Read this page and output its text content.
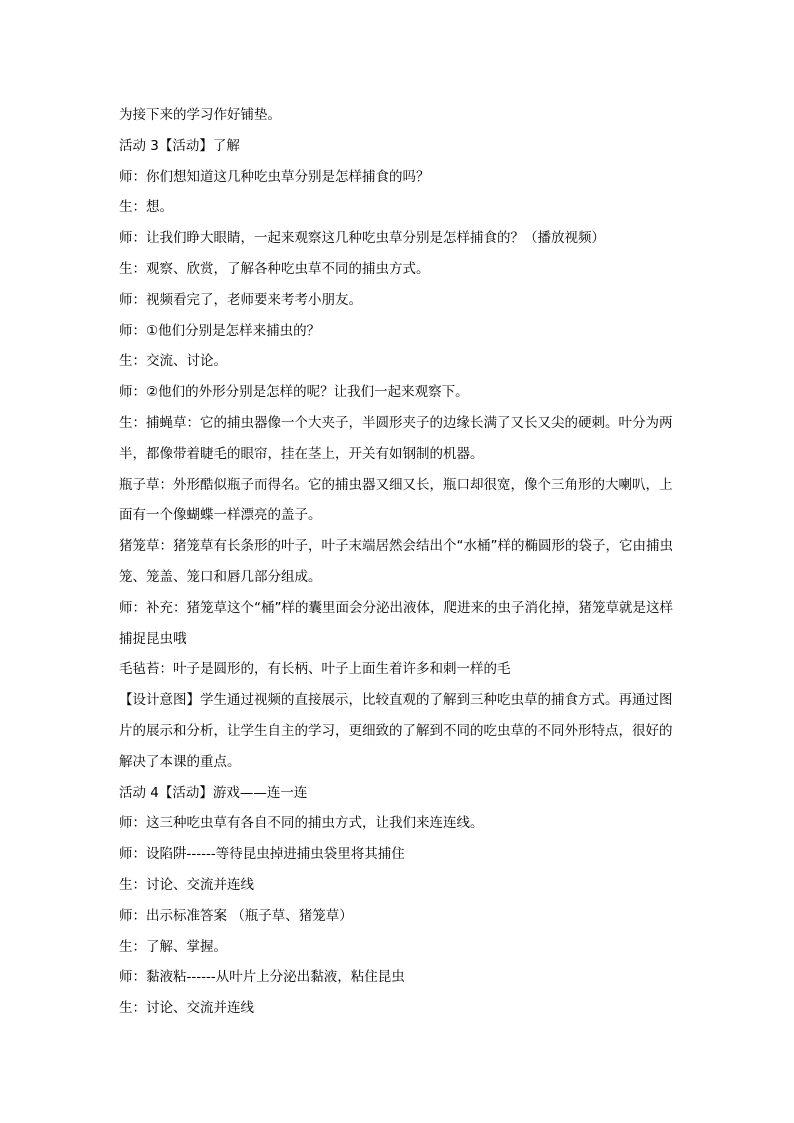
为接下来的学习作好铺垫。

活动 3【活动】了解

师：你们想知道这几种吃虫草分别是怎样捕食的吗？

生：想。

师：让我们睁大眼睛，一起来观察这几种吃虫草分别是怎样捕食的？（播放视频）

生：观察、欣赏，了解各种吃虫草不同的捕虫方式。

师：视频看完了，老师要来考考小朋友。

师：①他们分别是怎样来捕虫的？

生：交流、讨论。

师：②他们的外形分别是怎样的呢？让我们一起来观察下。

生：捕蝇草：它的捕虫器像一个大夹子，半圆形夹子的边缘长满了又长又尖的硬刺。叶分为两半，都像带着睫毛的眼帘，挂在茎上，开关有如钢制的机器。

瓶子草：外形酷似瓶子而得名。它的捕虫器又细又长，瓶口却很宽，像个三角形的大喇叭，上面有一个像蝴蝶一样漂亮的盖子。

猪笼草：猪笼草有长条形的叶子，叶子末端居然会结出个“水桶”样的椭圆形的袋子，它由捕虫笼、笼盖、笼口和唇几部分组成。

师：补充：猪笼草这个“桶”样的囊里面会分泌出液体，爬进来的虫子消化掉，猪笼草就是这样捕捉昆虫哦

毛毡苔：叶子是圆形的，有长柄、叶子上面生着许多和刺一样的毛

【设计意图】学生通过视频的直接展示，比较直观的了解到三种吃虫草的捕食方式。再通过图片的展示和分析，让学生自主的学习，更细致的了解到不同的吃虫草的不同外形特点，很好的解决了本课的重点。

活动 4【活动】游戏——连一连

师：这三种吃虫草有各自不同的捕虫方式，让我们来连连线。

师：设陷阱------等待昆虫掉进捕虫袋里将其捕住

生：讨论、交流并连线

师：出示标准答案 （瓶子草、猪笼草）

生：了解、掌握。

师：黏液粘------从叶片上分泌出黏液，粘住昆虫

生：讨论、交流并连线
